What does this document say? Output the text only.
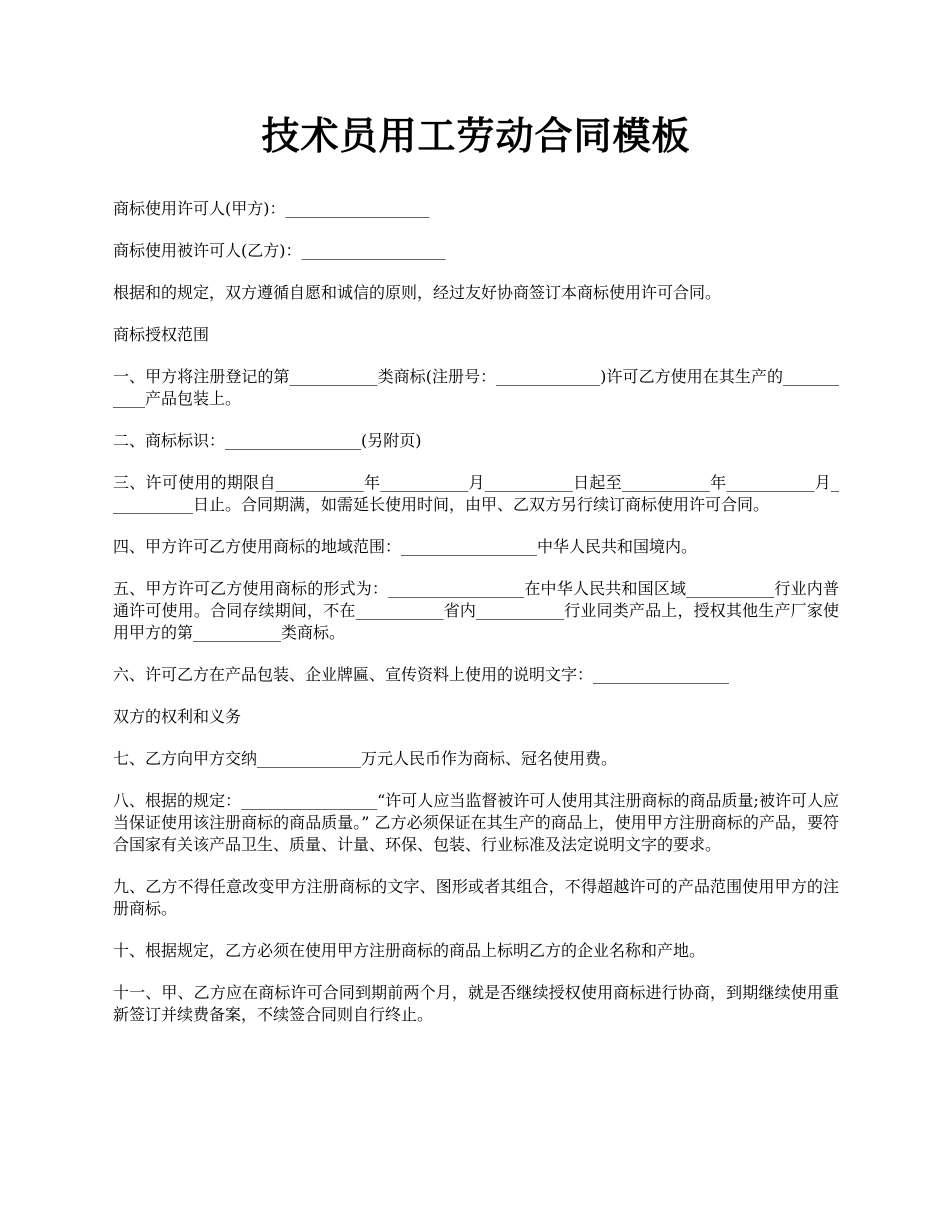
技术员用工劳动合同模板

商标使用许可人(甲方)：__________________

商标使用被许可人(乙方)：__________________

根据和的规定，双方遵循自愿和诚信的原则，经过友好协商签订本商标使用许可合同。

商标授权范围

一、甲方将注册登记的第___________类商标(注册号：_____________)许可乙方使用在其生产的___________产品包装上。

二、商标标识：_________________(另附页)

三、许可使用的期限自___________年___________月___________日起至___________年___________月___________日止。合同期满，如需延长使用时间，由甲、乙双方另行续订商标使用许可合同。

四、甲方许可乙方使用商标的地域范围：_________________中华人民共和国境内。

五、甲方许可乙方使用商标的形式为：_________________在中华人民共和国区域___________行业内普通许可使用。合同存续期间，不在___________省内___________行业同类产品上，授权其他生产厂家使用甲方的第___________类商标。

六、许可乙方在产品包装、企业牌匾、宣传资料上使用的说明文字：_________________

双方的权利和义务

七、乙方向甲方交纳_____________万元人民币作为商标、冠名使用费。

八、根据的规定：_________________“许可人应当监督被许可人使用其注册商标的商品质量;被许可人应当保证使用该注册商标的商品质量。” 乙方必须保证在其生产的商品上，使用甲方注册商标的产品，要符合国家有关该产品卫生、质量、计量、环保、包装、行业标准及法定说明文字的要求。

九、乙方不得任意改变甲方注册商标的文字、图形或者其组合，不得超越许可的产品范围使用甲方的注册商标。

十、根据规定，乙方必须在使用甲方注册商标的商品上标明乙方的企业名称和产地。

十一、甲、乙方应在商标许可合同到期前两个月，就是否继续授权使用商标进行协商，到期继续使用重新签订并续费备案，不续签合同则自行终止。
